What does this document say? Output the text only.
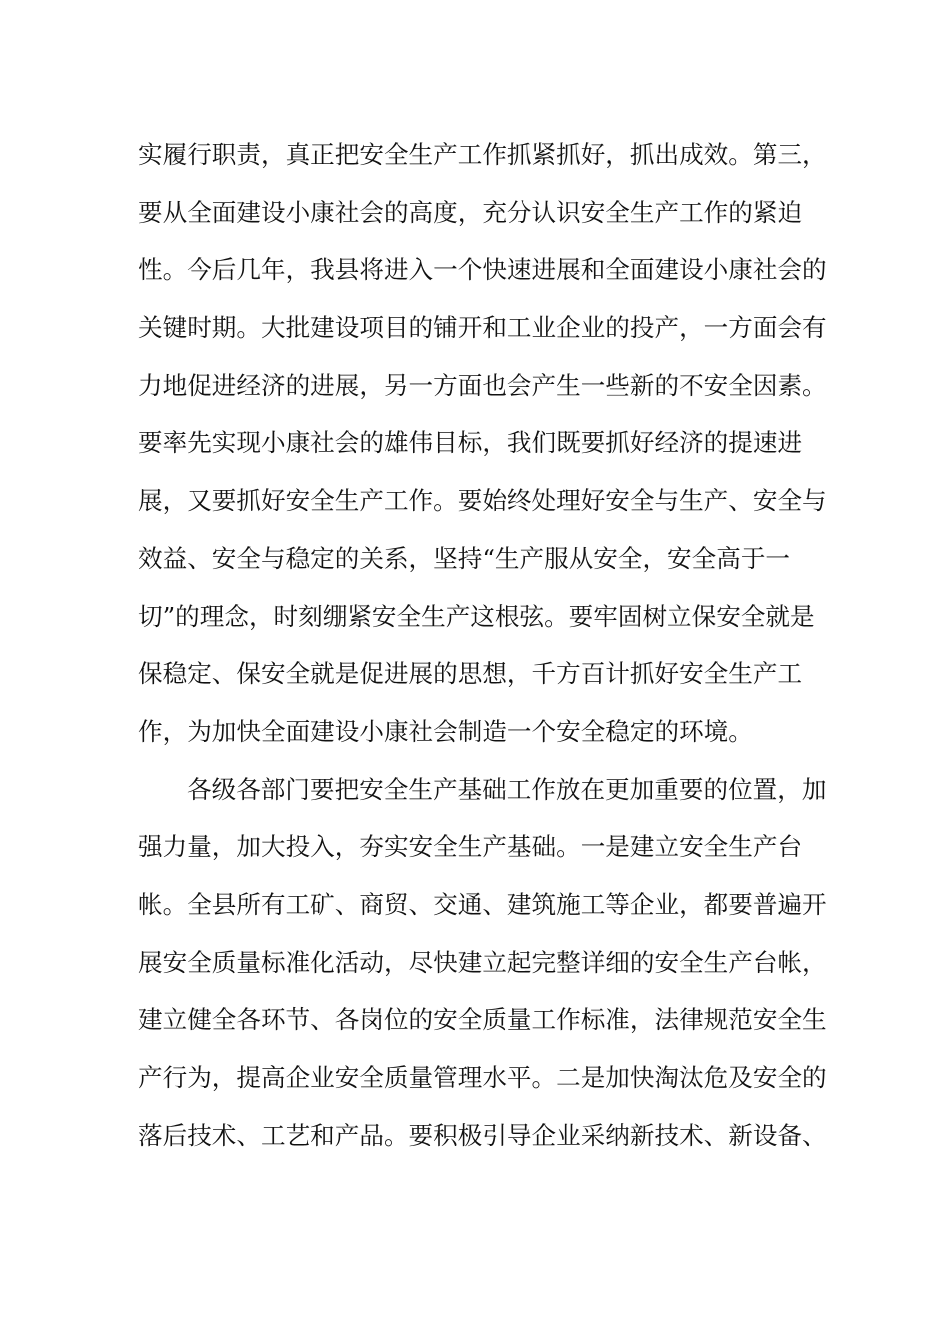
实履行职责，真正把安全生产工作抓紧抓好，抓出成效。第三，
要从全面建设小康社会的高度，充分认识安全生产工作的紧迫
性。今后几年，我县将进入一个快速进展和全面建设小康社会的
关键时期。大批建设项目的铺开和工业企业的投产，一方面会有
力地促进经济的进展，另一方面也会产生一些新的不安全因素。
要率先实现小康社会的雄伟目标，我们既要抓好经济的提速进
展，又要抓好安全生产工作。要始终处理好安全与生产、安全与
效益、安全与稳定的关系，坚持“生产服从安全，安全高于一
切”的理念，时刻绷紧安全生产这根弦。要牢固树立保安全就是
保稳定、保安全就是促进展的思想，千方百计抓好安全生产工
作，为加快全面建设小康社会制造一个安全稳定的环境。
各级各部门要把安全生产基础工作放在更加重要的位置，加
强力量，加大投入，夯实安全生产基础。一是建立安全生产台
帐。全县所有工矿、商贸、交通、建筑施工等企业，都要普遍开
展安全质量标准化活动，尽快建立起完整详细的安全生产台帐，
建立健全各环节、各岗位的安全质量工作标准，法律规范安全生
产行为，提高企业安全质量管理水平。二是加快淘汰危及安全的
落后技术、工艺和产品。要积极引导企业采纳新技术、新设备、
